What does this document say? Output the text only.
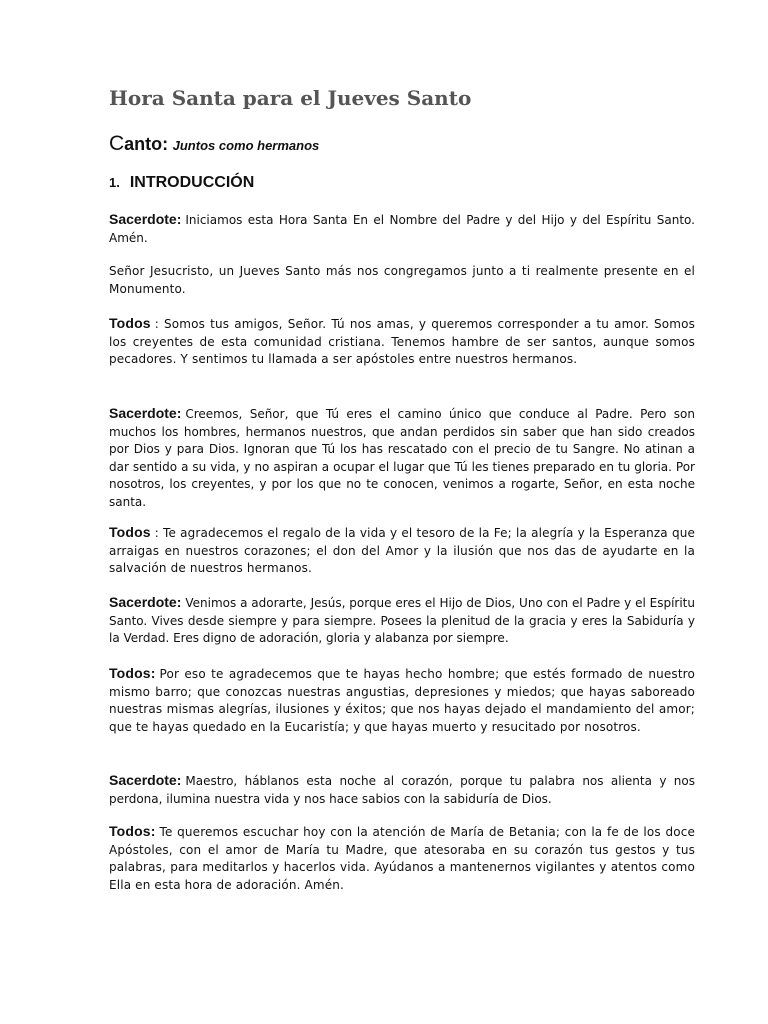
Hora Santa para el Jueves Santo
Canto: Juntos como hermanos
1. INTRODUCCIÓN

Sacerdote: Iniciamos esta Hora Santa En el Nombre del Padre y del Hijo y del Espíritu Santo. Amén.

Señor Jesucristo, un Jueves Santo más nos congregamos junto a ti realmente presente en el Monumento.

Todos : Somos tus amigos, Señor. Tú nos amas, y queremos corresponder a tu amor. Somos los creyentes de esta comunidad cristiana. Tenemos hambre de ser santos, aunque somos pecadores. Y sentimos tu llamada a ser apóstoles entre nuestros hermanos.

Sacerdote: Creemos, Señor, que Tú eres el camino único que conduce al Padre. Pero son muchos los hombres, hermanos nuestros, que andan perdidos sin saber que han sido creados por Dios y para Dios. Ignoran que Tú los has rescatado con el precio de tu Sangre. No atinan a dar sentido a su vida, y no aspiran a ocupar el lugar que Tú les tienes preparado en tu gloria. Por nosotros, los creyentes, y por los que no te conocen, venimos a rogarte, Señor, en esta noche santa.

Todos : Te agradecemos el regalo de la vida y el tesoro de la Fe; la alegría y la Esperanza que arraigas en nuestros corazones; el don del Amor y la ilusión que nos das de ayudarte en la salvación de nuestros hermanos.

Sacerdote: Venimos a adorarte, Jesús, porque eres el Hijo de Dios, Uno con el Padre y el Espíritu Santo. Vives desde siempre y para siempre. Posees la plenitud de la gracia y eres la Sabiduría y la Verdad. Eres digno de adoración, gloria y alabanza por siempre.

Todos: Por eso te agradecemos que te hayas hecho hombre; que estés formado de nuestro mismo barro; que conozcas nuestras angustias, depresiones y miedos; que hayas saboreado nuestras mismas alegrías, ilusiones y éxitos; que nos hayas dejado el mandamiento del amor; que te hayas quedado en la Eucaristía; y que hayas muerto y resucitado por nosotros.

Sacerdote: Maestro, háblanos esta noche al corazón, porque tu palabra nos alienta y nos perdona, ilumina nuestra vida y nos hace sabios con la sabiduría de Dios.

Todos: Te queremos escuchar hoy con la atención de María de Betania; con la fe de los doce Apóstoles, con el amor de María tu Madre, que atesoraba en su corazón tus gestos y tus palabras, para meditarlos y hacerlos vida. Ayúdanos a mantenernos vigilantes y atentos como Ella en esta hora de adoración. Amén.
